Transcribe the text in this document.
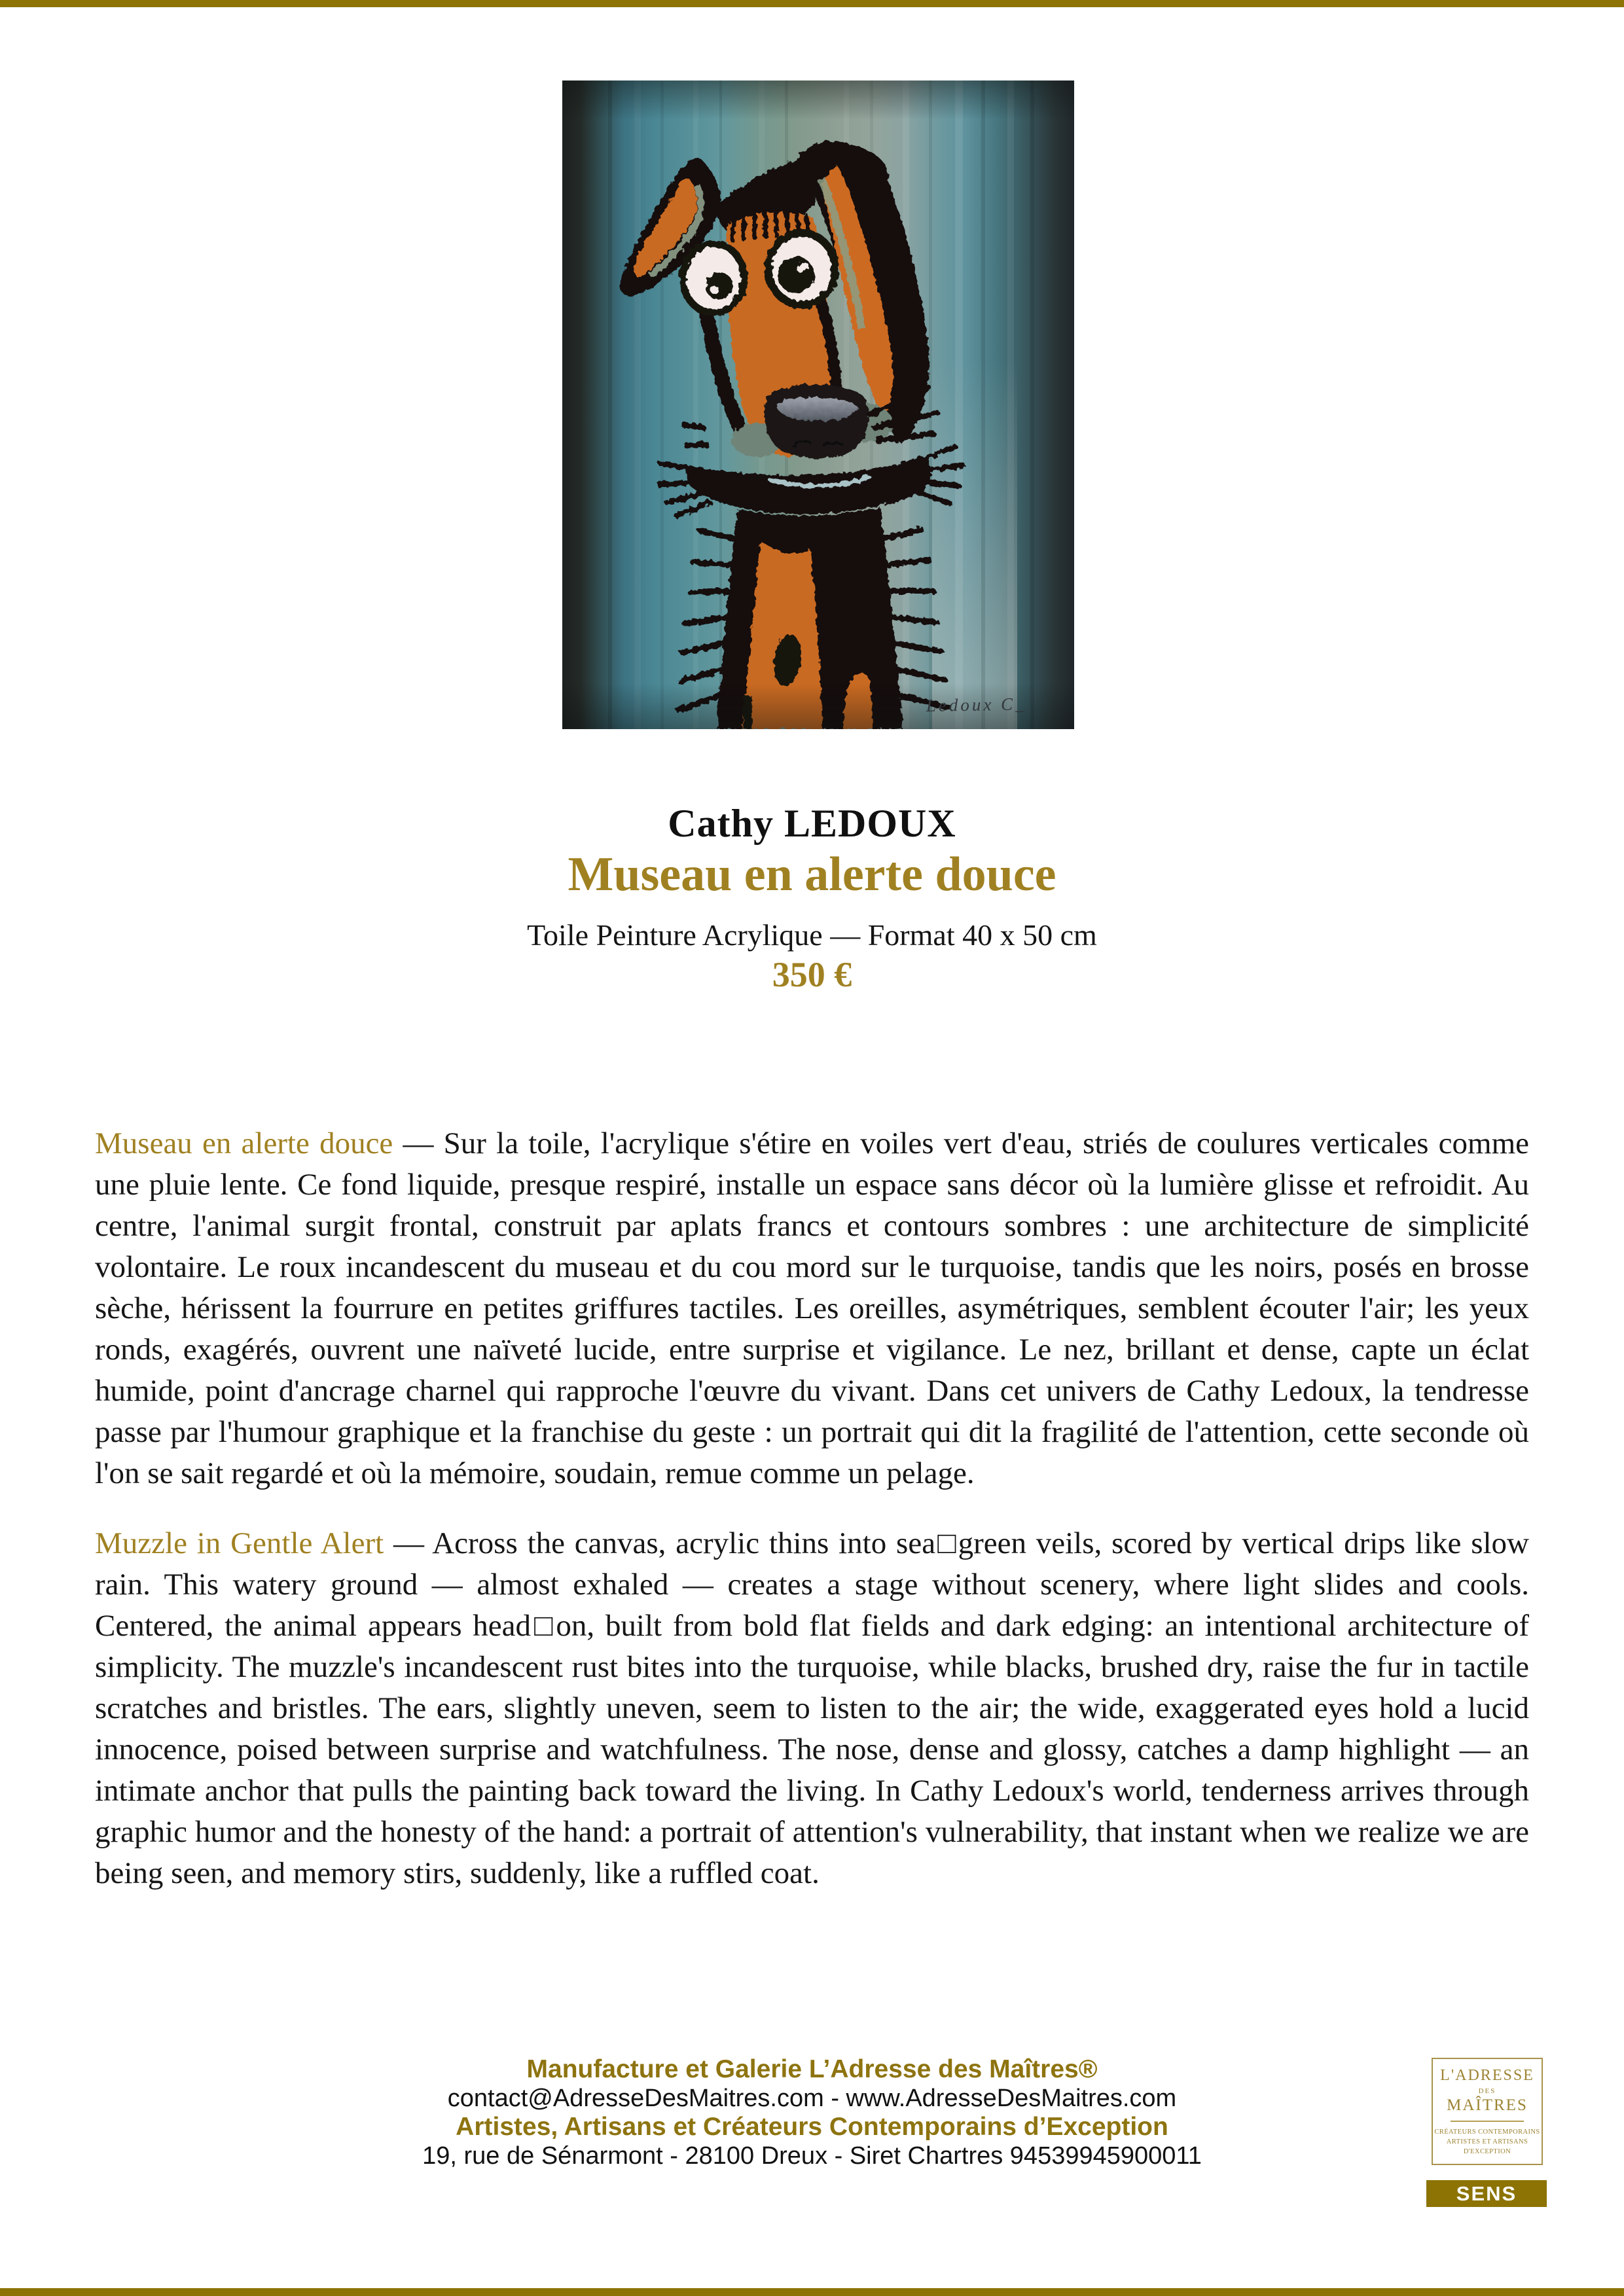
Cathy LEDOUX
Museau en alerte douce
Toile Peinture Acrylique — Format 40 x 50 cm
350 €

Museau en alerte douce — Sur la toile, l'acrylique s'étire en voiles vert d'eau, striés de coulures verticales comme une pluie lente. Ce fond liquide, presque respiré, installe un espace sans décor où la lumière glisse et refroidit. Au centre, l'animal surgit frontal, construit par aplats francs et contours sombres : une architecture de simplicité volontaire. Le roux incandescent du museau et du cou mord sur le turquoise, tandis que les noirs, posés en brosse sèche, hérissent la fourrure en petites griffures tactiles. Les oreilles, asymétriques, semblent écouter l'air; les yeux ronds, exagérés, ouvrent une naïveté lucide, entre surprise et vigilance. Le nez, brillant et dense, capte un éclat humide, point d'ancrage charnel qui rapproche l'œuvre du vivant. Dans cet univers de Cathy Ledoux, la tendresse passe par l'humour graphique et la franchise du geste : un portrait qui dit la fragilité de l'attention, cette seconde où l'on se sait regardé et où la mémoire, soudain, remue comme un pelage.

Muzzle in Gentle Alert — Across the canvas, acrylic thins into sea□green veils, scored by vertical drips like slow rain. This watery ground — almost exhaled — creates a stage without scenery, where light slides and cools. Centered, the animal appears head□on, built from bold flat fields and dark edging: an intentional architecture of simplicity. The muzzle's incandescent rust bites into the turquoise, while blacks, brushed dry, raise the fur in tactile scratches and bristles. The ears, slightly uneven, seem to listen to the air; the wide, exaggerated eyes hold a lucid innocence, poised between surprise and watchfulness. The nose, dense and glossy, catches a damp highlight — an intimate anchor that pulls the painting back toward the living. In Cathy Ledoux's world, tenderness arrives through graphic humor and the honesty of the hand: a portrait of attention's vulnerability, that instant when we realize we are being seen, and memory stirs, suddenly, like a ruffled coat.

Manufacture et Galerie L’Adresse des Maîtres®
contact@AdresseDesMaitres.com - www.AdresseDesMaitres.com
Artistes, Artisans et Créateurs Contemporains d’Exception
19, rue de Sénarmont - 28100 Dreux - Siret Chartres 94539945900011
L'ADRESSE
DES
MAÎTRES
CRÉATEURS CONTEMPORAINS
ARTISTES ET ARTISANS
D'EXCEPTION
SENS
